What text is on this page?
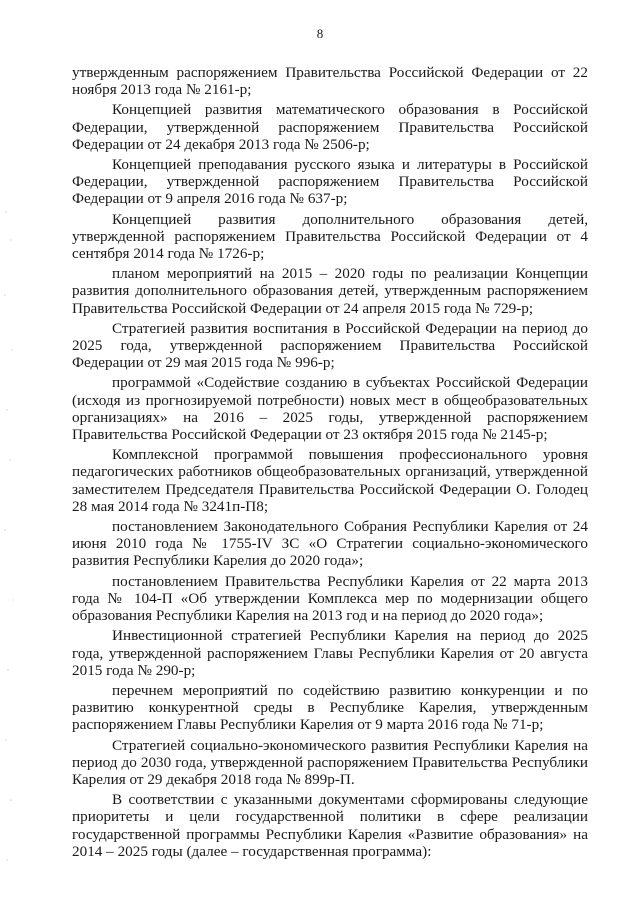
8

утвержденным распоряжением Правительства Российской Федерации от 22 ноября 2013 года № 2161-р;

Концепцией развития математического образования в Российской Федерации, утвержденной распоряжением Правительства Российской Федерации от 24 декабря 2013 года № 2506-р;

Концепцией преподавания русского языка и литературы в Российской Федерации, утвержденной распоряжением Правительства Российской Федерации от 9 апреля 2016 года № 637-р;

Концепцией развития дополнительного образования детей, утвержденной распоряжением Правительства Российской Федерации от 4 сентября 2014 года № 1726-р;

планом мероприятий на 2015 – 2020 годы по реализации Концепции развития дополнительного образования детей, утвержденным распоряжением Правительства Российской Федерации от 24 апреля 2015 года № 729-р;

Стратегией развития воспитания в Российской Федерации на период до 2025 года, утвержденной распоряжением Правительства Российской Федерации от 29 мая 2015 года № 996-р;

программой «Содействие созданию в субъектах Российской Федерации (исходя из прогнозируемой потребности) новых мест в общеобразовательных организациях» на 2016 – 2025 годы, утвержденной распоряжением Правительства Российской Федерации от 23 октября 2015 года № 2145-р;

Комплексной программой повышения профессионального уровня педагогических работников общеобразовательных организаций, утвержденной заместителем Председателя Правительства Российской Федерации О. Голодец 28 мая 2014 года № 3241п-П8;

постановлением Законодательного Собрания Республики Карелия от 24 июня 2010 года № 1755-IV ЗС «О Стратегии социально-экономического развития Республики Карелия до 2020 года»;

постановлением Правительства Республики Карелия от 22 марта 2013 года № 104-П «Об утверждении Комплекса мер по модернизации общего образования Республики Карелия на 2013 год и на период до 2020 года»;

Инвестиционной стратегией Республики Карелия на период до 2025 года, утвержденной распоряжением Главы Республики Карелия от 20 августа 2015 года № 290-р;

перечнем мероприятий по содействию развитию конкуренции и по развитию конкурентной среды в Республике Карелия, утвержденным распоряжением Главы Республики Карелия от 9 марта 2016 года № 71-р;

Стратегией социально-экономического развития Республики Карелия на период до 2030 года, утвержденной распоряжением Правительства Республики Карелия от 29 декабря 2018 года № 899р-П.

В соответствии с указанными документами сформированы следующие приоритеты и цели государственной политики в сфере реализации государственной программы Республики Карелия «Развитие образования» на 2014 – 2025 годы (далее – государственная программа):
